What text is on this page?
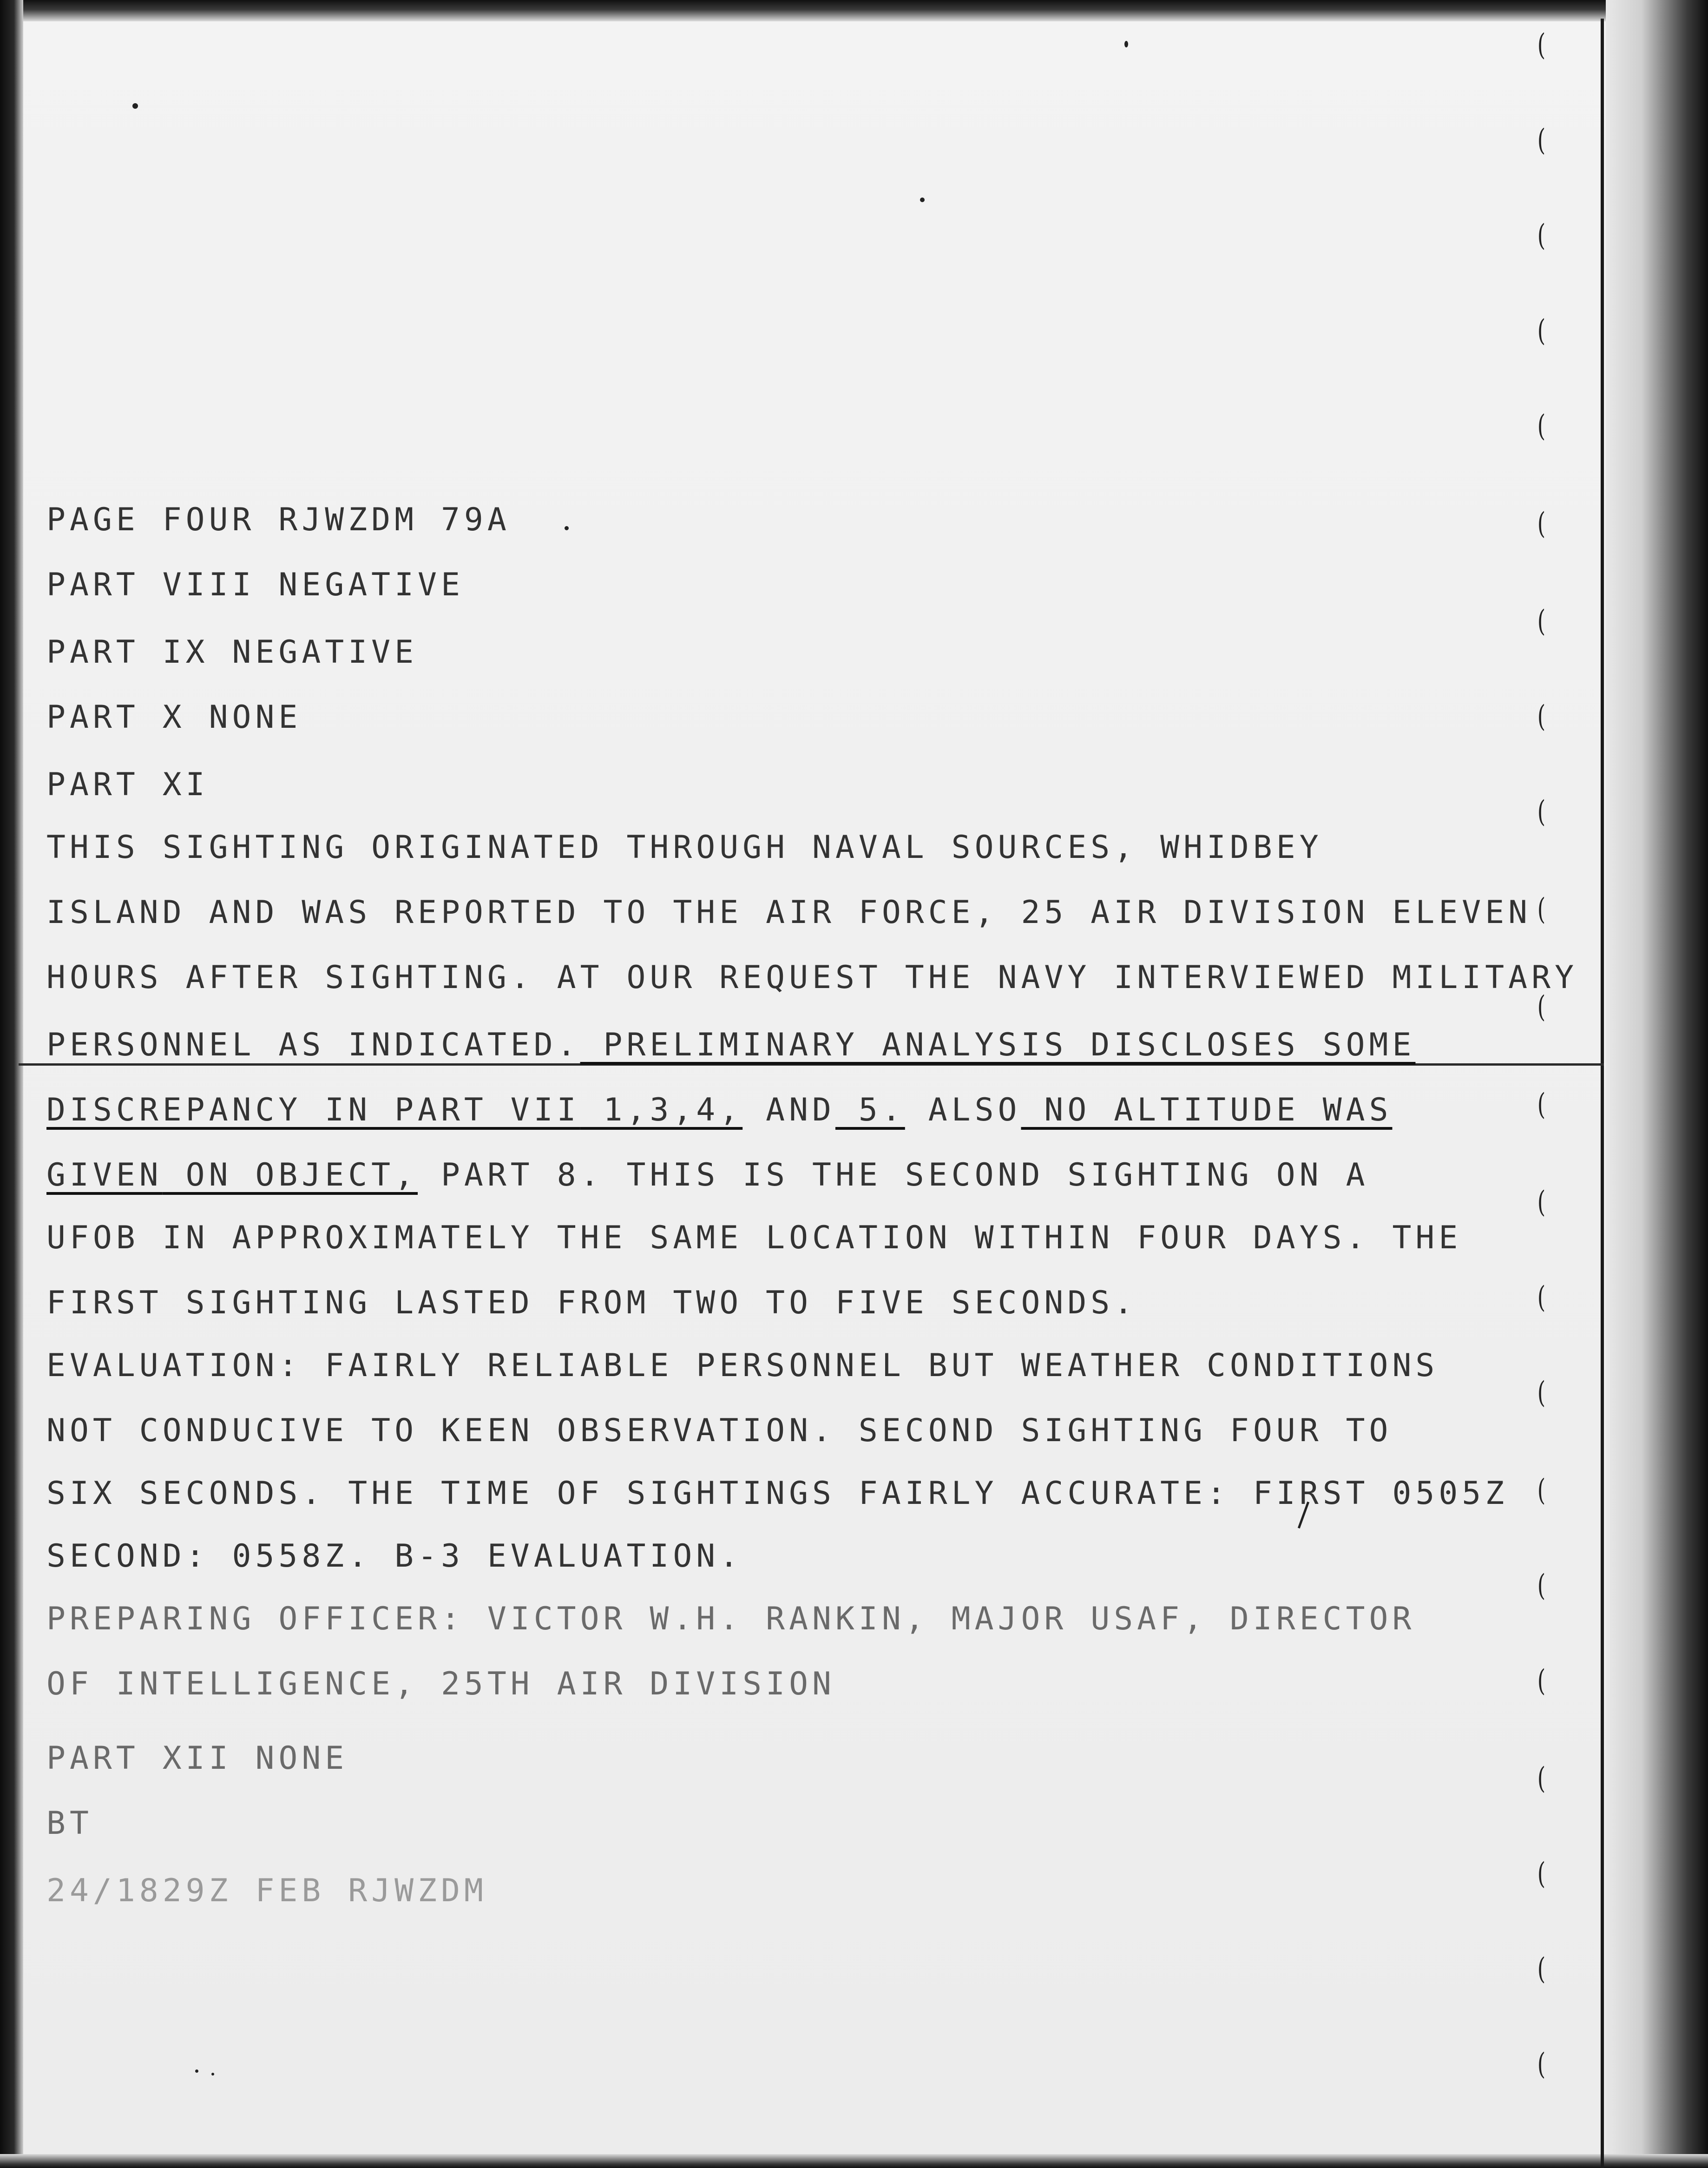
(
(
(
(
(
(
(
(
(
(
(
(
(
(
(
(
(
(
(
(
(
(
PAGE FOUR RJWZDM 79A
PART VIII NEGATIVE
PART IX NEGATIVE
PART X NONE
PART XI
THIS SIGHTING ORIGINATED THROUGH NAVAL SOURCES, WHIDBEY
ISLAND AND WAS REPORTED TO THE AIR FORCE, 25 AIR DIVISION ELEVEN
HOURS AFTER SIGHTING. AT OUR REQUEST THE NAVY INTERVIEWED MILITARY
PERSONNEL AS INDICATED. PRELIMINARY ANALYSIS DISCLOSES SOME
DISCREPANCY IN PART VII 1,3,4, AND 5. ALSO NO ALTITUDE WAS
GIVEN ON OBJECT, PART 8. THIS IS THE SECOND SIGHTING ON A
UFOB IN APPROXIMATELY THE SAME LOCATION WITHIN FOUR DAYS. THE
FIRST SIGHTING LASTED FROM TWO TO FIVE SECONDS.
EVALUATION: FAIRLY RELIABLE PERSONNEL BUT WEATHER CONDITIONS
NOT CONDUCIVE TO KEEN OBSERVATION. SECOND SIGHTING FOUR TO
SIX SECONDS. THE TIME OF SIGHTINGS FAIRLY ACCURATE: FIRST 0505Z
SECOND: 0558Z. B-3 EVALUATION.
PREPARING OFFICER: VICTOR W.H. RANKIN, MAJOR USAF, DIRECTOR
OF INTELLIGENCE, 25TH AIR DIVISION
PART XII NONE
BT
24/1829Z FEB RJWZDM
